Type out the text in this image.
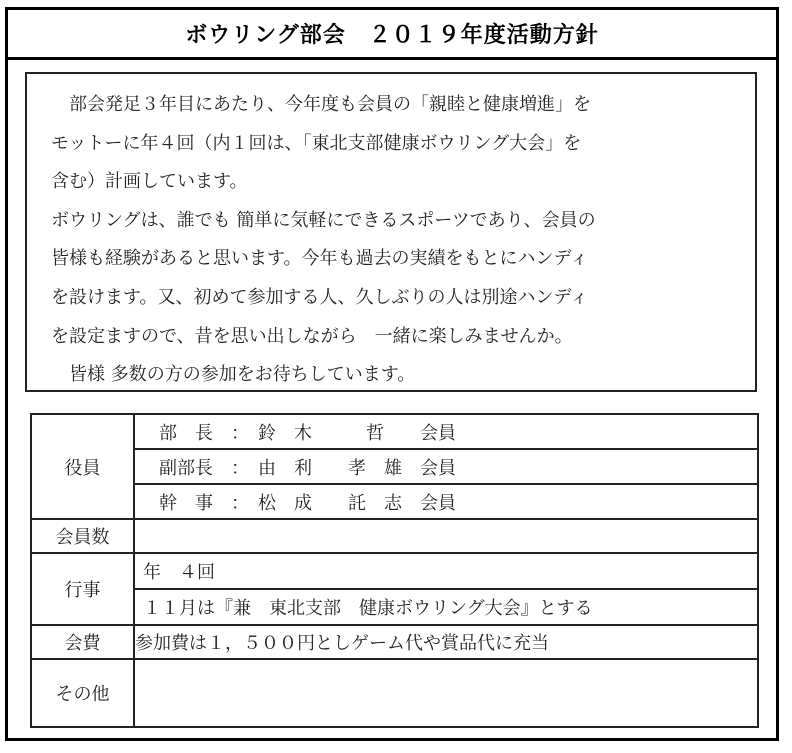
ボウリング部会　２０１９年度活動方針

　部会発足３年目にあたり、今年度も会員の「親睦と健康増進」を

モットーに年４回（内１回は、「東北支部健康ボウリング大会」を

含む）計画しています。

ボウリングは、誰でも 簡単に気軽にできるスポーツであり、会員の

皆様も経験があると思います。今年も過去の実績をもとにハンディ

を設けます。又、初めて参加する人、久しぶりの人は別途ハンディ

を設定ますので、昔を思い出しながら　一緒に楽しみませんか。

　皆様 多数の方の参加をお待ちしています。

役員	部　長　：　鈴　木　　　哲　　会員
副部長　：　由　利　　孝　雄　会員
幹　事　：　松　成　　託　志　会員

会員数	
行事	年　４回
１１月は『兼　東北支部　健康ボウリング大会』とする

会費	参加費は１，５００円としゲーム代や賞品代に充当
その他	
